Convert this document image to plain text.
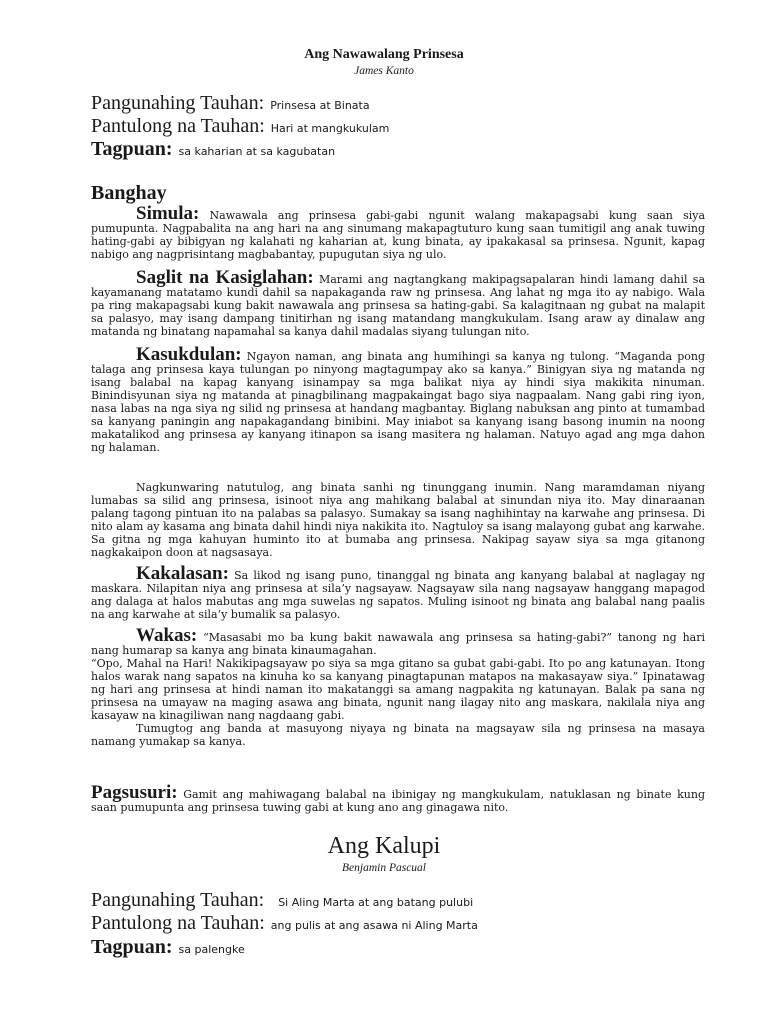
Ang Nawawalang Prinsesa
James Kanto
Pangunahing Tauhan: Prinsesa at Binata
Pantulong na Tauhan: Hari at mangkukulam
Tagpuan: sa kaharian at sa kagubatan
Banghay

Simula: Nawawala ang prinsesa gabi-gabi ngunit walang makapagsabi kung saan siya pumupunta. Nagpabalita na ang hari na ang sinumang makapagtuturo kung saan tumitigil ang anak tuwing hating-gabi ay bibigyan ng kalahati ng kaharian at, kung binata, ay ipakakasal sa prinsesa. Ngunit, kapag nabigo ang nagprisintang magbabantay, pupugutan siya ng ulo.

Saglit na Kasiglahan: Marami ang nagtangkang makipagsapalaran hindi lamang dahil sa kayamanang matatamo kundi dahil sa napakaganda raw ng prinsesa. Ang lahat ng mga ito ay nabigo. Wala pa ring makapagsabi kung bakit nawawala ang prinsesa sa hating-gabi. Sa kalagitnaan ng gubat na malapit sa palasyo, may isang dampang tinitirhan ng isang matandang mangkukulam. Isang araw ay dinalaw ang matanda ng binatang napamahal sa kanya dahil madalas siyang tulungan nito.

Kasukdulan: Ngayon naman, ang binata ang humihingi sa kanya ng tulong. “Maganda pong talaga ang prinsesa kaya tulungan po ninyong magtagumpay ako sa kanya.” Binigyan siya ng matanda ng isang balabal na kapag kanyang isinampay sa mga balikat niya ay hindi siya makikita ninuman. Binindisyunan siya ng matanda at pinagbilinang magpakaingat bago siya nagpaalam. Nang gabi ring iyon, nasa labas na nga siya ng silid ng prinsesa at handang magbantay. Biglang nabuksan ang pinto at tumambad sa kanyang paningin ang napakagandang binibini. May iniabot sa kanyang isang basong inumin na noong makatalikod ang prinsesa ay kanyang itinapon sa isang masitera ng halaman. Natuyo agad ang mga dahon ng halaman.

Nagkunwaring natutulog, ang binata sanhi ng tinunggang inumin. Nang maramdaman niyang lumabas sa silid ang prinsesa, isinoot niya ang mahikang balabal at sinundan niya ito. May dinaraanan palang tagong pintuan ito na palabas sa palasyo. Sumakay sa isang naghihintay na karwahe ang prinsesa. Di nito alam ay kasama ang binata dahil hindi niya nakikita ito. Nagtuloy sa isang malayong gubat ang karwahe. Sa gitna ng mga kahuyan huminto ito at bumaba ang prinsesa. Nakipag sayaw siya sa mga gitanong nagkakaipon doon at nagsasaya.

Kakalasan: Sa likod ng isang puno, tinanggal ng binata ang kanyang balabal at naglagay ng maskara. Nilapitan niya ang prinsesa at sila’y nagsayaw. Nagsayaw sila nang nagsayaw hanggang mapagod ang dalaga at halos mabutas ang mga suwelas ng sapatos. Muling isinoot ng binata ang balabal nang paalis na ang karwahe at sila’y bumalik sa palasyo.

Wakas: “Masasabi mo ba kung bakit nawawala ang prinsesa sa hating-gabi?” tanong ng hari nang humarap sa kanya ang binata kinaumagahan.

“Opo, Mahal na Hari! Nakikipagsayaw po siya sa mga gitano sa gubat gabi-gabi. Ito po ang katunayan. Itong halos warak nang sapatos na kinuha ko sa kanyang pinagtapunan matapos na makasayaw siya.” Ipinatawag ng hari ang prinsesa at hindi naman ito makatanggi sa amang nagpakita ng katunayan. Balak pa sana ng prinsesa na umayaw na maging asawa ang binata, ngunit nang ilagay nito ang maskara, nakilala niya ang kasayaw na kinagiliwan nang nagdaang gabi.

Tumugtog ang banda at masuyong niyaya ng binata na magsayaw sila ng prinsesa na masaya namang yumakap sa kanya.

Pagsusuri: Gamit ang mahiwagang balabal na ibinigay ng mangkukulam, natuklasan ng binate kung saan pumupunta ang prinsesa tuwing gabi at kung ano ang ginagawa nito.

Ang Kalupi
Benjamin Pascual
Pangunahing Tauhan: Si Aling Marta at ang batang pulubi
Pantulong na Tauhan: ang pulis at ang asawa ni Aling Marta
Tagpuan: sa palengke
